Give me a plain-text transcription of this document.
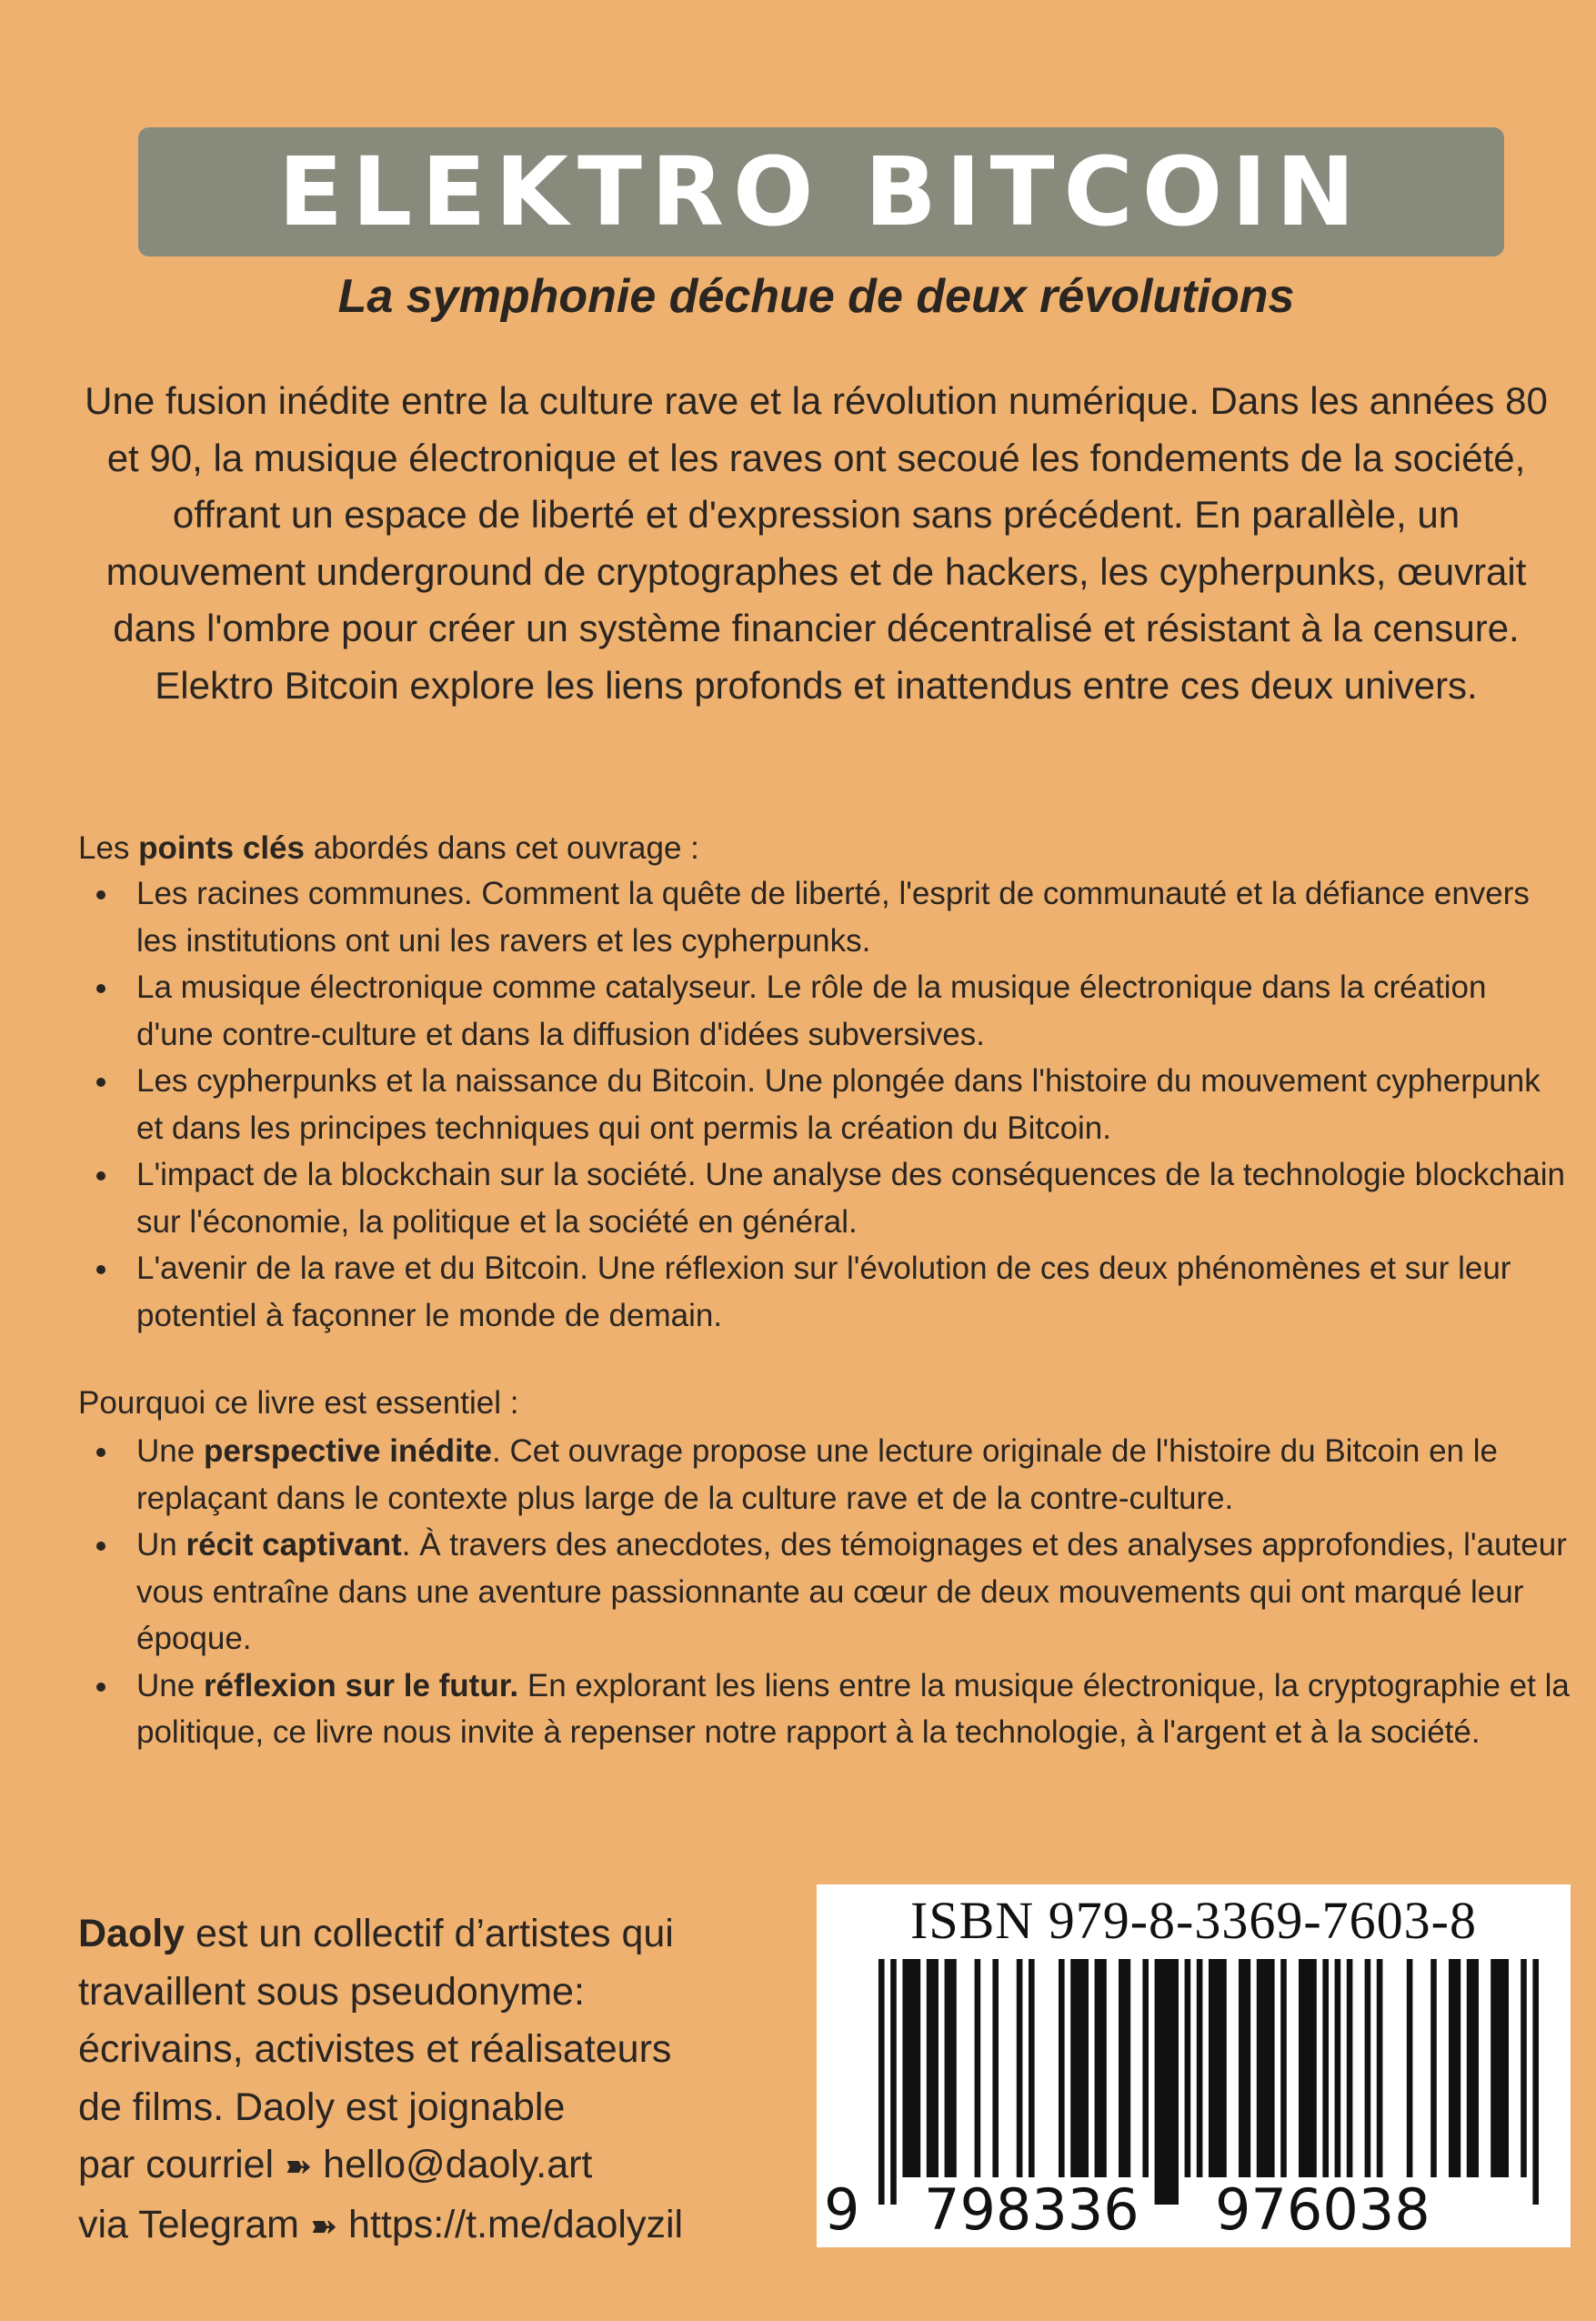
ELEKTRO BITCOIN
La symphonie déchue de deux révolutions
Une fusion inédite entre la culture rave et la révolution numérique. Dans les années 80 et 90, la musique électronique et les raves ont secoué les fondements de la société, offrant un espace de liberté et d'expression sans précédent. En parallèle, un mouvement underground de cryptographes et de hackers, les cypherpunks, œuvrait dans l'ombre pour créer un système financier décentralisé et résistant à la censure. Elektro Bitcoin explore les liens profonds et inattendus entre ces deux univers.
Les points clés abordés dans cet ouvrage :
Les racines communes. Comment la quête de liberté, l'esprit de communauté et la défiance envers les institutions ont uni les ravers et les cypherpunks.
La musique électronique comme catalyseur. Le rôle de la musique électronique dans la création d'une contre-culture et dans la diffusion d'idées subversives.
Les cypherpunks et la naissance du Bitcoin. Une plongée dans l'histoire du mouvement cypherpunk et dans les principes techniques qui ont permis la création du Bitcoin.
L'impact de la blockchain sur la société. Une analyse des conséquences de la technologie blockchain sur l'économie, la politique et la société en général.
L'avenir de la rave et du Bitcoin. Une réflexion sur l'évolution de ces deux phénomènes et sur leur potentiel à façonner le monde de demain.
Pourquoi ce livre est essentiel :
Une perspective inédite. Cet ouvrage propose une lecture originale de l'histoire du Bitcoin en le replaçant dans le contexte plus large de la culture rave et de la contre-culture.
Un récit captivant. À travers des anecdotes, des témoignages et des analyses approfondies, l'auteur vous entraîne dans une aventure passionnante au cœur de deux mouvements qui ont marqué leur époque.
Une réflexion sur le futur. En explorant les liens entre la musique électronique, la cryptographie et la politique, ce livre nous invite à repenser notre rapport à la technologie, à l'argent et à la société.
Daoly est un collectif d’artistes qui
travaillent sous pseudonyme:
écrivains, activistes et réalisateurs
de films. Daoly est joignable
par courriel ➽ hello@daoly.art
via Telegram ➽ https://t.me/daolyzil
ISBN 979-8-3369-7603-8
9 798336 976038
